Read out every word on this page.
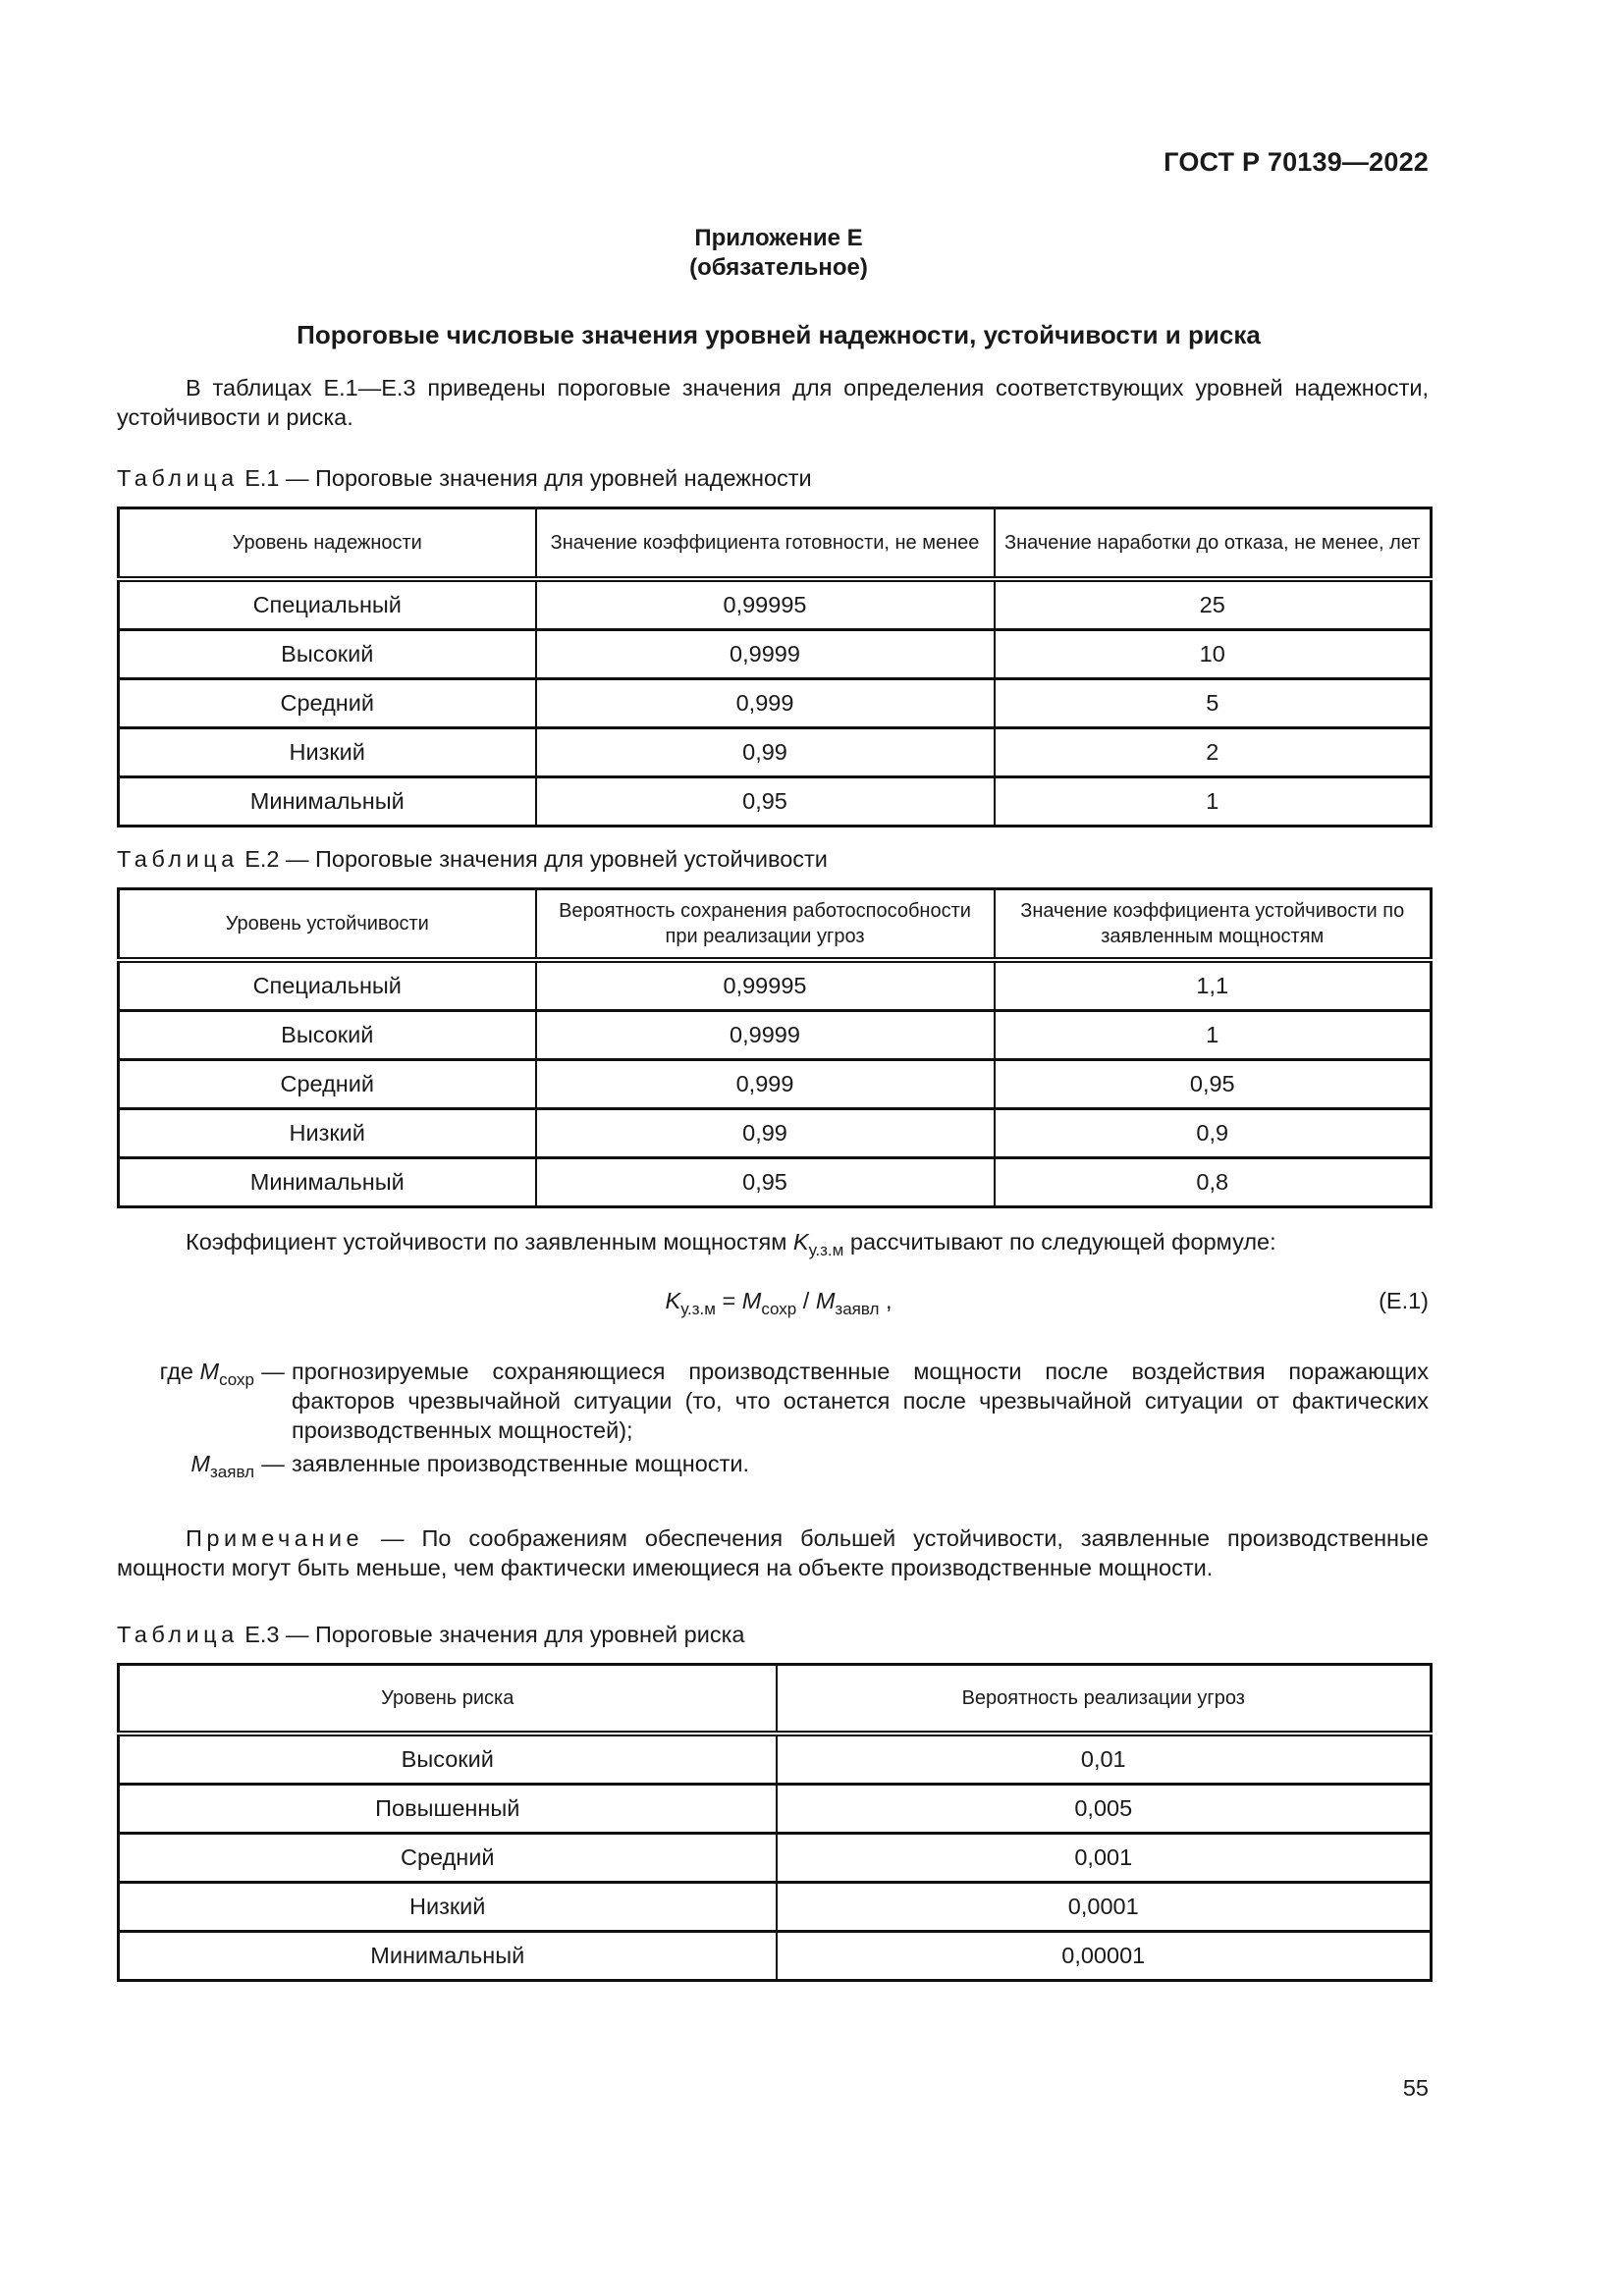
ГОСТ Р 70139—2022
Приложение Е
(обязательное)
Пороговые числовые значения уровней надежности, устойчивости и риска
В таблицах Е.1—Е.3 приведены пороговые значения для определения соответствующих уровней надежности, устойчивости и риска.
Таблица Е.1 — Пороговые значения для уровней надежности
Уровень надежности	Значение коэффициента готовности, не менее	Значение наработки до отказа, не менее, лет
Специальный	0,99995	25
Высокий	0,9999	10
Средний	0,999	5
Низкий	0,99	2
Минимальный	0,95	1
Таблица Е.2 — Пороговые значения для уровней устойчивости
Уровень устойчивости	Вероятность сохранения работоспособности при реализации угроз	Значение коэффициента устойчивости по заявленным мощностям
Специальный	0,99995	1,1
Высокий	0,9999	1
Средний	0,999	0,95
Низкий	0,99	0,9
Минимальный	0,95	0,8
Коэффициент устойчивости по заявленным мощностям $K_{у.з.м}$ рассчитывают по следующей формуле:
$K_{у.з.м} = M_{сохр} / M_{заявл}$ ,	(Е.1)
где $M_{сохр}$ — прогнозируемые сохраняющиеся производственные мощности после воздействия поражающих факторов чрезвычайной ситуации (то, что останется после чрезвычайной ситуации от фактических производственных мощностей);
$M_{заявл}$ — заявленные производственные мощности.
Примечание — По соображениям обеспечения большей устойчивости, заявленные производственные мощности могут быть меньше, чем фактически имеющиеся на объекте производственные мощности.
Таблица Е.3 — Пороговые значения для уровней риска
Уровень риска	Вероятность реализации угроз
Высокий	0,01
Повышенный	0,005
Средний	0,001
Низкий	0,0001
Минимальный	0,00001
55
